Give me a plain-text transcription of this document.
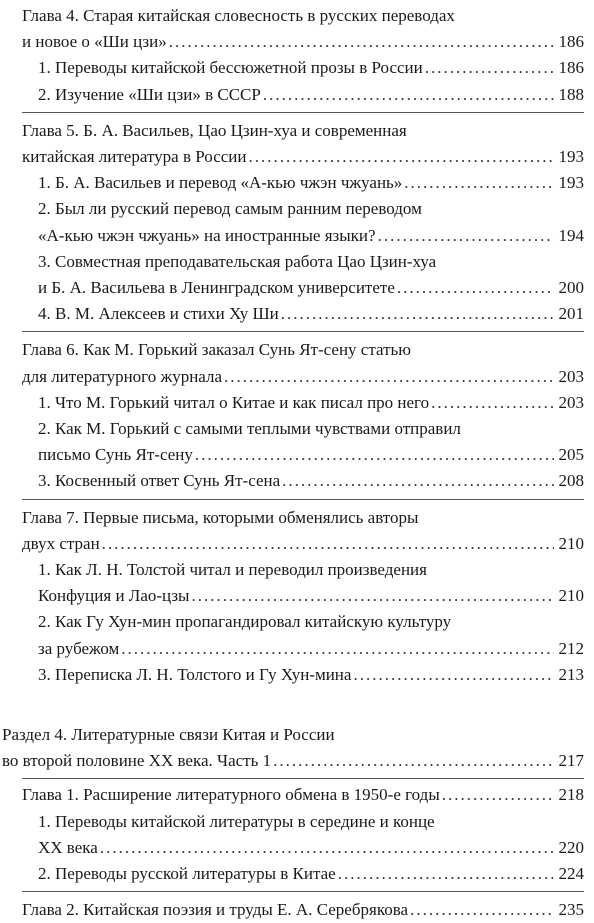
Глава 4. Старая китайская словесность в русских переводах
и новое о «Ши цзи» .....	186
1. Переводы китайской бессюжетной прозы в России .....	186
2. Изучение «Ши цзи» в СССР .....	188
Глава 5. Б. А. Васильев, Цао Цзин-хуа и современная
китайская литература в России .....	193
1. Б. А. Васильев и перевод «А-кью чжэн чжуань» .....	193
2. Был ли русский перевод самым ранним переводом
«А-кью чжэн чжуань» на иностранные языки? .....	194
3. Совместная преподавательская работа Цао Цзин-хуа
и Б. А. Васильева в Ленинградском университете .....	200
4. В. М. Алексеев и стихи Ху Ши .....	201
Глава 6. Как М. Горький заказал Сунь Ят-сену статью
для литературного журнала .....	203
1. Что М. Горький читал о Китае и как писал про него .....	203
2. Как М. Горький с самыми теплыми чувствами отправил
письмо Сунь Ят-сену .....	205
3. Косвенный ответ Сунь Ят-сена .....	208
Глава 7. Первые письма, которыми обменялись авторы
двух стран .....	210
1. Как Л. Н. Толстой читал и переводил произведения
Конфуция и Лао-цзы .....	210
2. Как Гу Хун-мин пропагандировал китайскую культуру
за рубежом .....	212
3. Переписка Л. Н. Толстого и Гу Хун-мина .....	213
Раздел 4. Литературные связи Китая и России
во второй половине XX века. Часть 1 .....	217
Глава 1. Расширение литературного обмена в 1950-е годы .....	218
1. Переводы китайской литературы в середине и конце
XX века .....	220
2. Переводы русской литературы в Китае .....	224
Глава 2. Китайская поэзия и труды Е. А. Серебрякова .....	235
